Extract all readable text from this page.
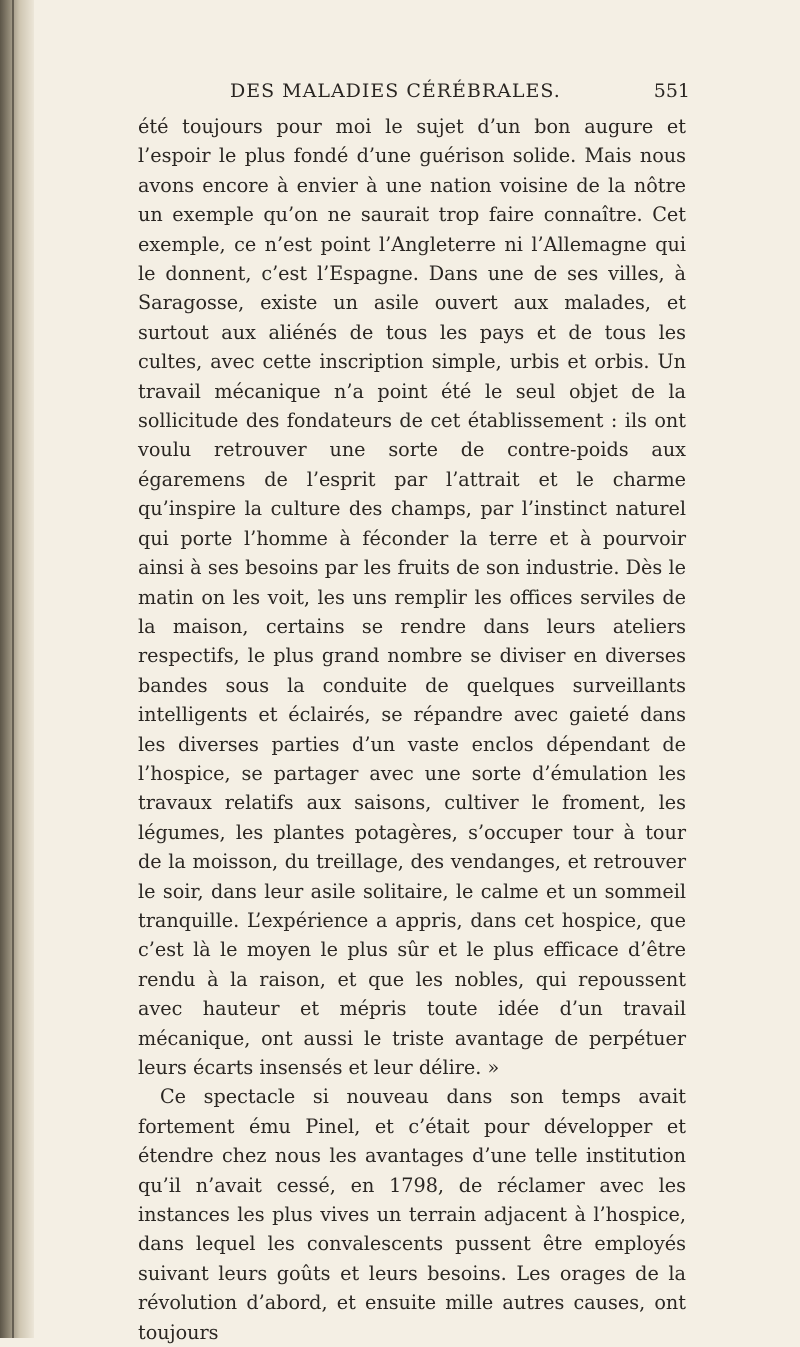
DES MALADIES CÉRÉBRALES.	551

été toujours pour moi le sujet d’un bon augure et l’espoir le plus fondé d’une guérison solide. Mais nous avons encore à envier à une nation voisine de la nôtre un exemple qu’on ne saurait trop faire connaître. Cet exemple, ce n’est point l’Angleterre ni l’Allemagne qui le donnent, c’est l’Espagne. Dans une de ses villes, à Saragosse, existe un asile ouvert aux malades, et surtout aux aliénés de tous les pays et de tous les cultes, avec cette inscription simple, urbis et orbis. Un travail mécanique n’a point été le seul objet de la sollicitude des fondateurs de cet établissement : ils ont voulu retrouver une sorte de contre-poids aux égaremens de l’esprit par l’attrait et le charme qu’inspire la culture des champs, par l’instinct naturel qui porte l’homme à féconder la terre et à pourvoir ainsi à ses besoins par les fruits de son industrie. Dès le matin on les voit, les uns remplir les offices serviles de la maison, certains se rendre dans leurs ateliers respectifs, le plus grand nombre se diviser en diverses bandes sous la conduite de quelques surveillants intelligents et éclairés, se répandre avec gaieté dans les diverses parties d’un vaste enclos dépendant de l’hospice, se partager avec une sorte d’émulation les travaux relatifs aux saisons, cultiver le froment, les légumes, les plantes potagères, s’occuper tour à tour de la moisson, du treillage, des vendanges, et retrouver le soir, dans leur asile solitaire, le calme et un sommeil tranquille. L’expérience a appris, dans cet hospice, que c’est là le moyen le plus sûr et le plus efficace d’être rendu à la raison, et que les nobles, qui repoussent avec hauteur et mépris toute idée d’un travail mécanique, ont aussi le triste avantage de perpétuer leurs écarts insensés et leur délire. »

Ce spectacle si nouveau dans son temps avait fortement ému Pinel, et c’était pour développer et étendre chez nous les avantages d’une telle institution qu’il n’avait cessé, en 1798, de réclamer avec les instances les plus vives un terrain adjacent à l’hospice, dans lequel les convalescents pussent être employés suivant leurs goûts et leurs besoins. Les orages de la révolution d’abord, et ensuite mille autres causes, ont toujours
